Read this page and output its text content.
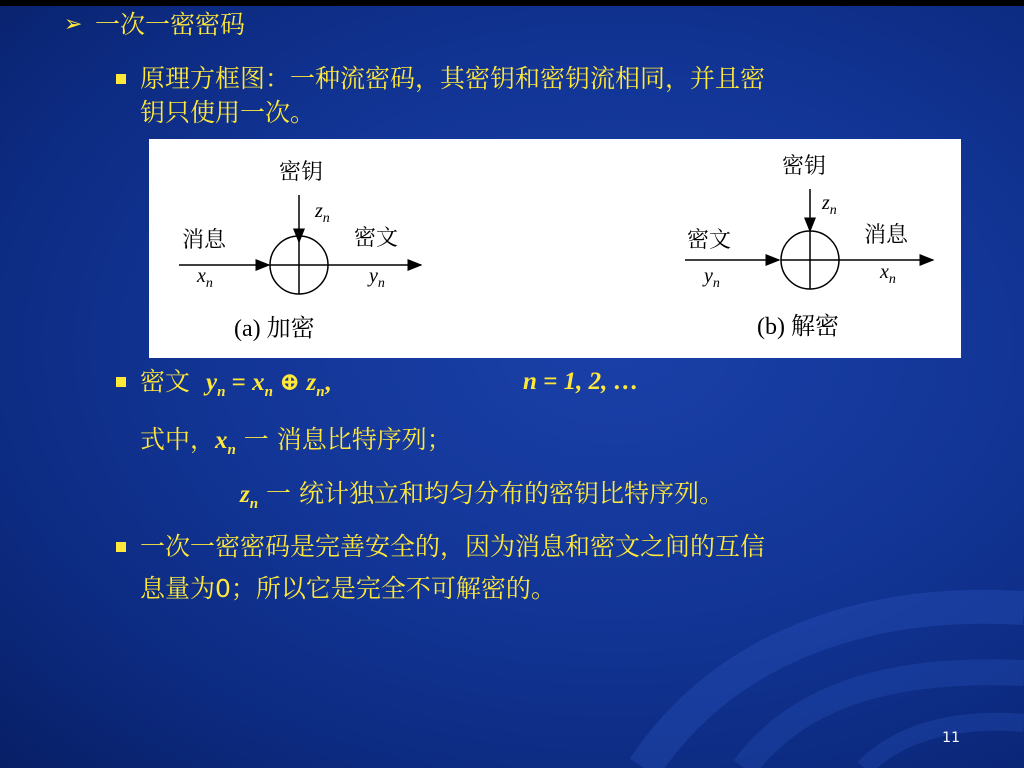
➢ 一次一密密码
原理方框图：一种流密码，其密钥和密钥流相同，并且密
钥只使用一次。
密钥
$z_n$
消息
$x_n$
密文
$y_n$
(a) 加密
密钥
$z_n$
密文
$y_n$
消息
$x_n$
(b) 解密
密文 $y_n = x_n$ ⊕ $z_n$,	n = 1, 2, …
式中，$x_n$ 一 消息比特序列；
$z_n$ 一 统计独立和均匀分布的密钥比特序列。
一次一密密码是完善安全的，因为消息和密文之间的互信
息量为0；所以它是完全不可解密的。
11
